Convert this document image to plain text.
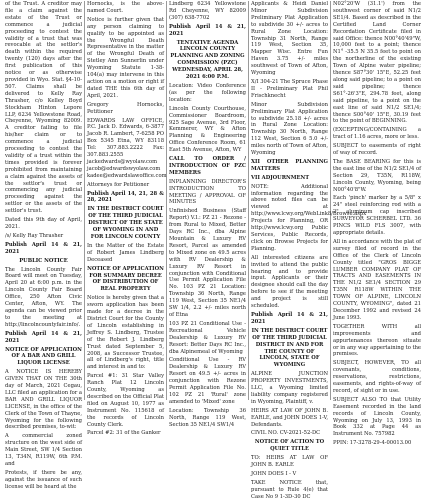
of the Trust. A creditor may file a claim against the estate of the Trust or commence a judicial proceeding to contest the validity of a trust that was revocable at the settlor's death within the required twenty (120) days after the first publication of this notice or as otherwise provided in Wyo. Stat. §4-10-507. Claims shall be delivered to Kelly Ray Thrasher, c/o Kelley Boyd Stockham Hinton Lepore LLP, 6234 Yellowstone Road, Cheyenne, Wyoming 82009. A creditor failing to file his/her claim or to commence a judicial proceeding to contest the validity of a trust within the times provided is forever prohibited from maintaining a claim against the assets of the settlor's trust or commencing any judicial proceeding against the settlor or the assets of the settlor's trust.

Dated this 9th day of April, 2021.

/s/ Kelly Ray Thrasher

Publish April 14 & 21, 2021

PUBLIC NOTICE

The Lincoln County Fair Board will meet on Tuesday, April 20 at 6:00 p.m. in the Lincoln County Fair Board Office, 250 Afton Civic Center, Afton, WY. The agenda can be viewed prior to the meeting at http://lincolncountyfair.info/.

Publish April 14 & 21, 2021

NOTICE OF APPLICATION OF A BAR AND GRILL LIQUOR LICENSE

A NOTICE IS HEREBY GIVEN THAT ON THE 30th day of March, 2021 Cegau, LLC filed an application for a BAR AND GRILL LIQUOR LICENSE, in the office of the Clerk of the Town of Thayne, Wyoming for the following described premises, to-wit:

A commercial zoned structure on the west side of Main Street, SW 1/4 Section 13, T34N, R119W, 6th P.M. and

Protests, if there be any, against the issuance of such license will be heard at the

Hornocks, is the above-named Court.

Notice is further given that any person claiming to qualify to be appointed as the Wrongful Death Representative in the matter of the Wrongful Death of Stetley Ann Sunnerlin under Wyoming Statute 1-38-104(a) may intervene in this action on a motion or right if dated THE this 6th day of April, 2021.

Gregory Hornocks, Petitioner

EDWARDS LAW OFFICE, P.C. Jack D. Edwards, 6-3877 Jacob R. Lambert, 7-6258 PO Box 5345 Etna, WY 83118 Tel: 307.883.2222 Fax: 307.883.2555 jackedwards@wyolaw.com jacob@edwardswyolaw.com kadee@edwardslawoffice.com

Attorneys for Petitioner

Publish April 14, 21, 28 & 28, 2021

IN THE DISTRICT COURT OF THE THIRD JUDICIAL DISTRICT OF THE STATE OF WYOMING IN AND FOR LINCOLN COUNTY

In the Matter of the Estate of Robert James Lindberg Deceased

NOTICE OF APPLICATION FOR SUMMARY DECREE OF DISTRIBUTION OF REAL PROPERTY

Notice is hereby given that a sworn application has been made for a decree in the District Court for the County of Lincoln establishing in Jeffrey S. Lindberg, Trustee of the Robert J. Lindberg Trust dated September 5, 2008, as Successor Trustee, all of Lindberg's right, title and interest in and to:

Parcel #1: 31 Star Valley Ranch Plat 12 Lincoln County, Wyoming as described on the Official Plat filed on August 10, 1977 as Instrument No. 115618 of the records of Lincoln County Clerk.

Parcel #2: 31 of the Ganker

Lindberg 6234 Yellowstone Rd Cheyenne, WY 82009 (307) 638-7702

Publish April 14 & 21, 2021

TENTATIVE AGENDA LINCOLN COUNTY PLANNING AND ZONING COMMISSION (PZC) WEDNESDAY, APRIL 28, 2021 6:00 P.M.

Location: Video Conference (as per the following location:

Lincoln County Courthouse, Commissioner Boardroom, 925 Sage Avenue, 3rd Floor, Kemmerer, WY & Afton Planning & Engineering Office Conference Room, 61 East 5th Avenue, Afton, WY

CALL TO ORDER / INTRODUCTION OF PZC MEMBERS

INPLANNING DIRECTOR'S INTRODUCTION TO MEETING / APPROVAL OF MINUTES

Unfinished Business (Staff Report) V.I.: PZ 21 - Rezone - from Rural to Mixed, Better Days RC Inc., dba Alpine Mountain & Luxury RV Resort, Parcel as amended to Mixed zone on 49.5 acres with RV Dealership & Luxury RV Resort in conjunction with Conditional Use Permit Application File No. 103 PZ 21 Location: Township 36 North, Range 119 West, Section 35 NE1/4 SW 1/4, 2.2 +/- miles north of Etna

103 PZ 21 Conditional Use - Recreational Vehicle Dealership & Luxury RV Resort: Better Days RC Inc., dba Alpinemeal of Wyoming

Conditional Use - RV Dealership & Luxury RV Resort on 49.5 +/- acres in conjunction with Rezone Permit Application File No. 102 PZ 21 'Rural' zone amended to 'Mixed' zone

Location: Township 36 North, Range 119 West, Section 35 NE1/4 SW1/4

Applicants & Heidi Daniel Minor Subdivision Preliminary Plat Application to subdivide 30 +/- acres to Rural Zone Location: Township 31 North, Range 119 West, Section 35, Mapper Wisc. Entre Fun Haven 3.75 +/- miles southwest of Town of Afton, Wyoming

X/I 304-21 The Spruce Phase II - Preliminary Plat Phil Frischknecht

Minor Subdivision Preliminary Plat Application to subdivide 25.18 +/- acres in Rural Zone Location: Township 30 North, Range 112 West, Section 6 5.0 +/- miles north of Town of Afton, Wyoming

XII OTHER PLANNING MATTERS

VII ADJOURNMENT

NOTE: Additional information regarding the above noted files can be viewed at http://www.lcwy.org/WebLink8/Browse.aspx Projects for Planning, OR http://www.lcwy.org Public Services, Public Records, click on Browse Projects for Planning.

All interested citizens are invited to attend the public hearing and to provide input. Applicants or their designee should call the day before to see if the meeting and project is still scheduled.

Publish April 14 & 21, 2021

IN THE DISTRICT COURT OF THE THIRD JUDICIAL DISTRICT IN AND FOR THE COUNTY OF LINCOLN, STATE OF WYOMING

ALPINE JUNCTION PROPERTY INVESTMENTS, LLC, a Wyoming limited liability company registered in Wyoming, Plaintiff, v.

HEIRS AT LAW OF JOHN B. EARLE, and JOHN DOES 1-V, Defendants.

CIVIL NO. CV-2021-52-DC

NOTICE OF ACTION TO QUIET TITLE

TO: HEIRS AT LAW OF JOHN B. EARLE

JOHN DOES I - V

TAKE NOTICE that, pursuant to Rule 4(e) that Case No 9 1-3D-30 DC

N02°20'W (31.1') from the southwest corner of said N1/2 SE1/4. Based as described in the Certified Land Corner Recordation Certificate filed in said Office: thence N00°40'49"W, 10,000 feet to a point; thence N1° -35.5 N 35.5 feet to point on the northerline of the existing Town of Alpine water pipeline; thence S87°30' 15"E, 52.25 feet along said pipeline; to a point on said pipeline; thence S61°-26'3"E, 294.78 feet, along said pipeline, to a point on the east line of said N1/2 SE1/4; thence S00°40' 15"E, 30.19 feet to the point of BEGINNING.

(EXCEPTING/CONTAINING a tract of 1.16 acres, more or less.

SUBJECT to easements of right of way of record.

The BASE BEARING for this is the east line of the N1/2 SE1/4 of Section 29, T35N, R118W, Lincoln County, Wyoming, being N00°40'8"W.

Each 'pinch' marker by a 5/8" x 24" steel reinforcing rod with a 2" aluminum cap inscribed SURVEYOR SCHERBEL LTD. 36 PINCS WILD FLS 3007, with appropriate details.

All in accordance with the plat of survey filed of record in the Office of the Clerk of Lincoln County titled "GROS BIGGE LUMBER COMPANY PLAT OF TRACTS AND EASEMENTS IN THE N1/2 SE1/4 SECTION 29 T35N R118W WITHIN THE TOWN OF ALPINE, LINCOLN COUNTY, WYOMING", dated 21 December 1992 and revised 24 June 1993.

TOGETHER WITH all improvements and appurtenances thereon situate or in any way appertaining to the premises.

SUBJECT, HOWEVER, TO all covenants, conditions, reservations, restrictions, easements, and rights-of-way of record, of sight or in use.

SUBJECT ALSO TO that Utility Easement recorded in the land records of Lincoln County, Wyoming on July 13, 1993 in Book 332 at Page 44 as Instrument No. 757982

PPIN: 17-3278-29-4-00013.00
